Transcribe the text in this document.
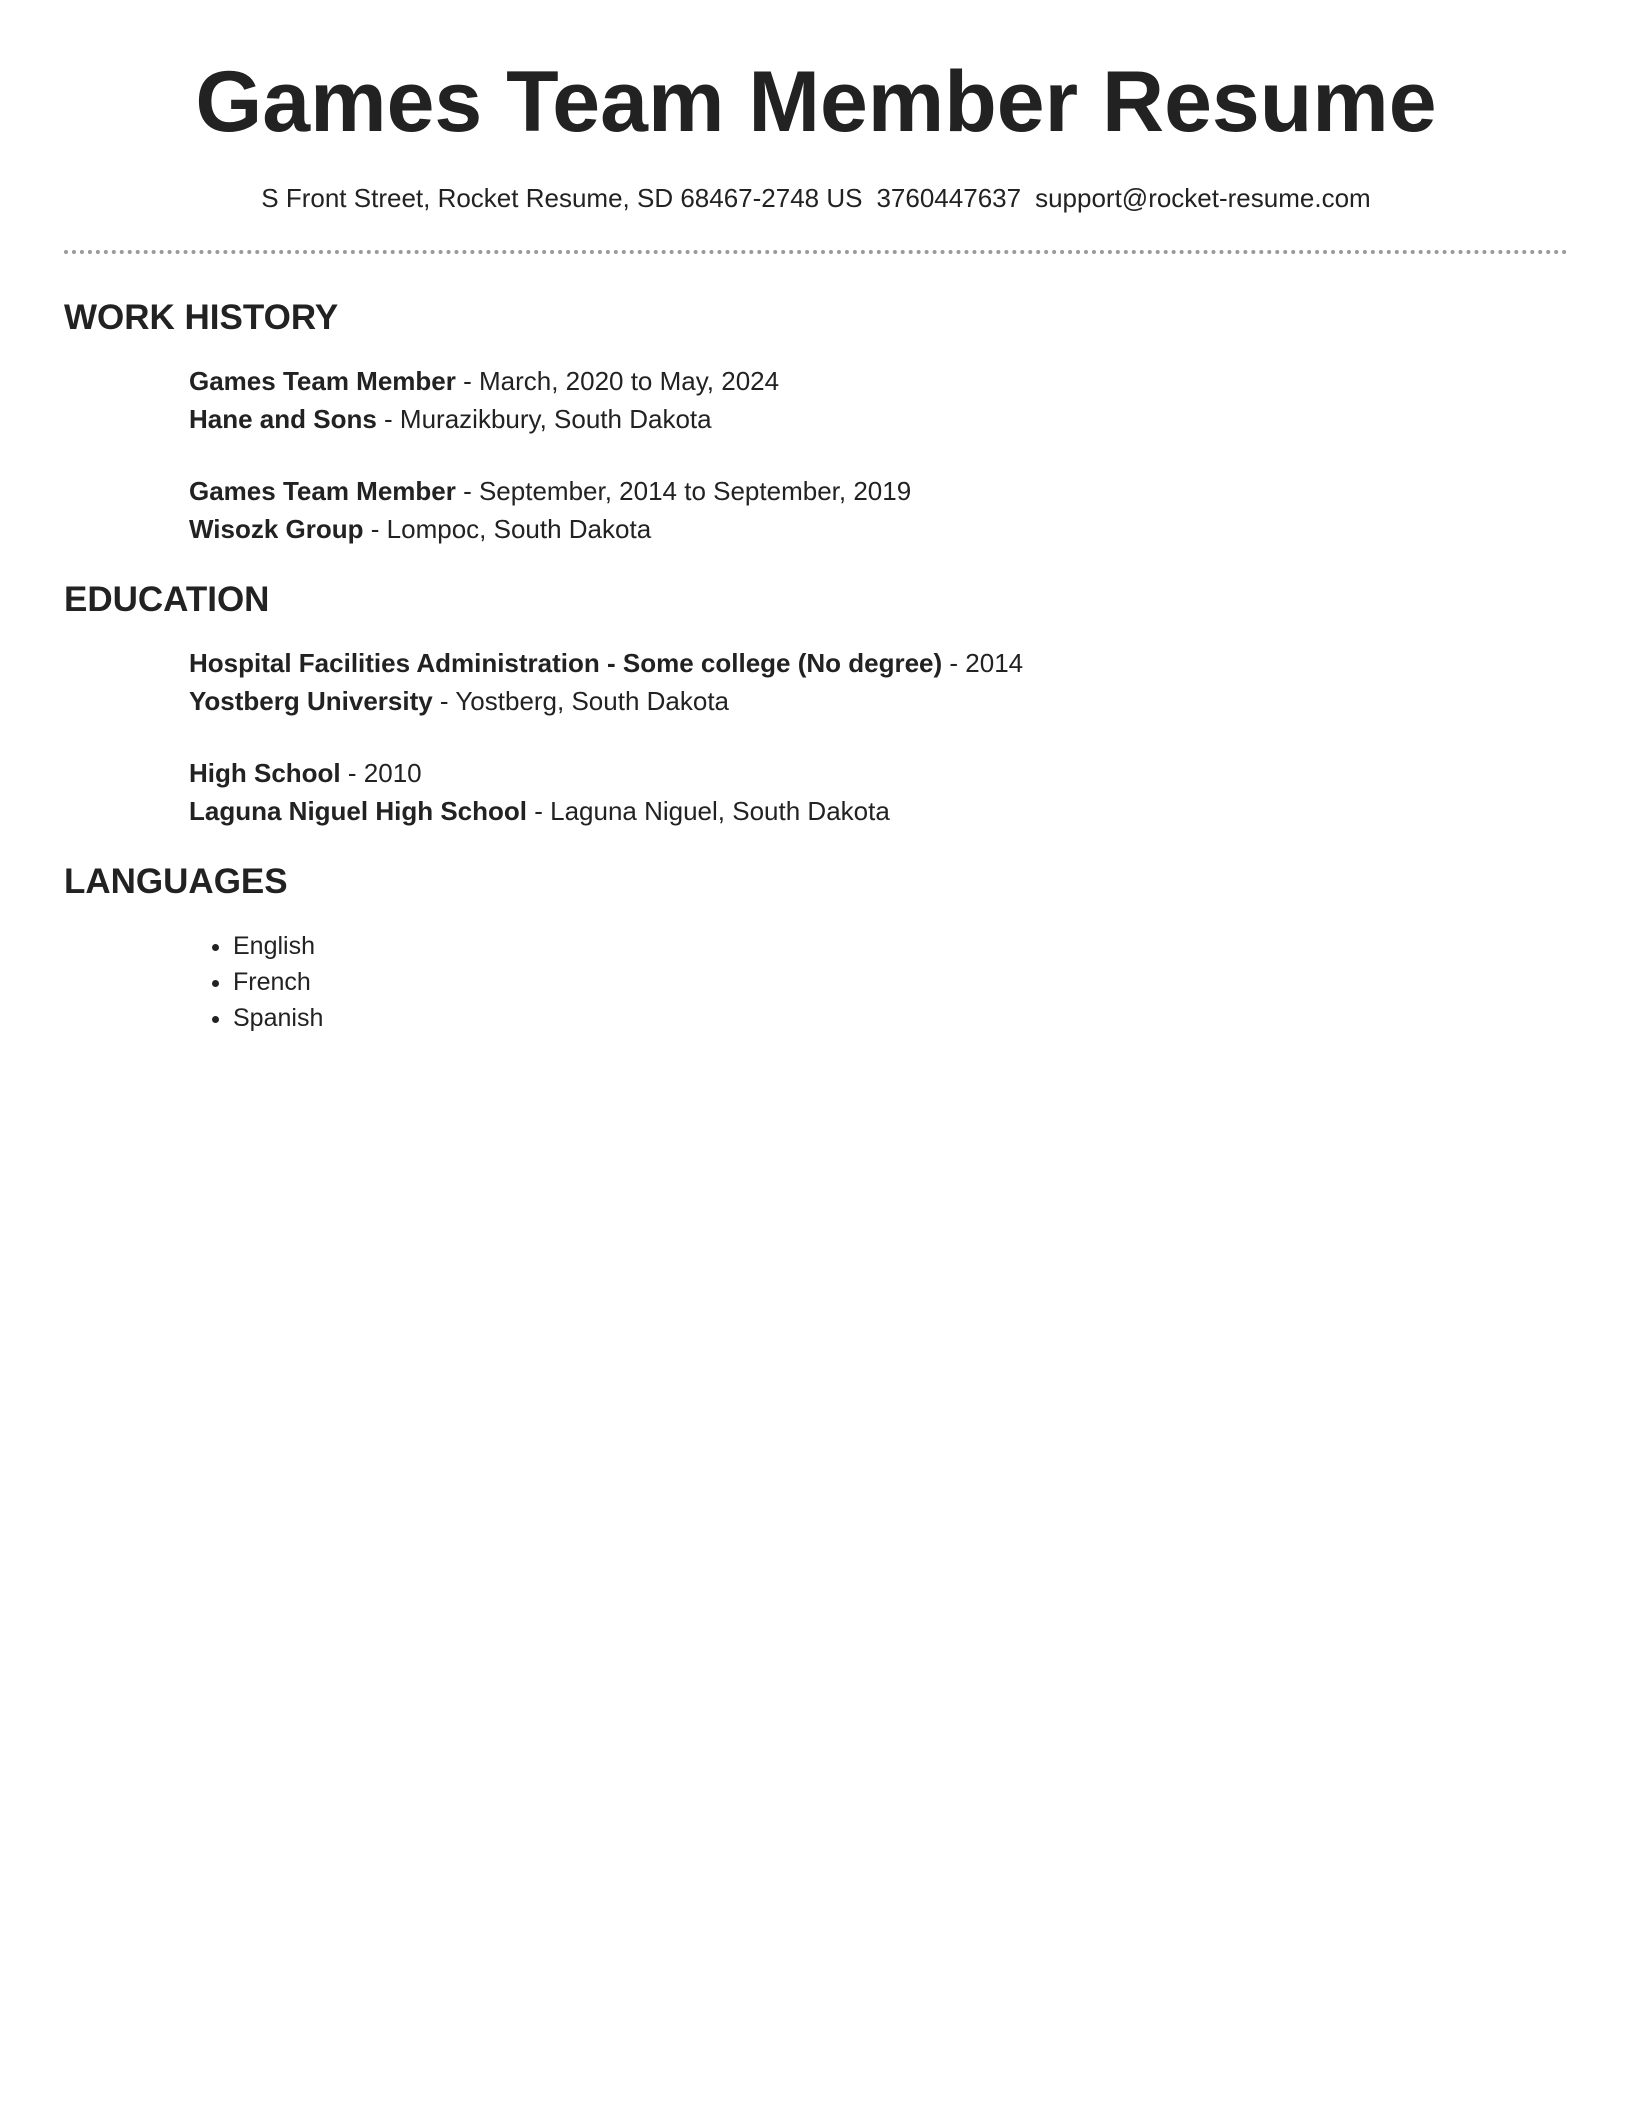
Games Team Member Resume
S Front Street, Rocket Resume, SD 68467-2748 US 3760447637 support@rocket-resume.com
WORK HISTORY
Games Team Member - March, 2020 to May, 2024
Hane and Sons - Murazikbury, South Dakota
Games Team Member - September, 2014 to September, 2019
Wisozk Group - Lompoc, South Dakota
EDUCATION
Hospital Facilities Administration - Some college (No degree) - 2014
Yostberg University - Yostberg, South Dakota
High School - 2010
Laguna Niguel High School - Laguna Niguel, South Dakota
LANGUAGES
• English
• French
• Spanish
